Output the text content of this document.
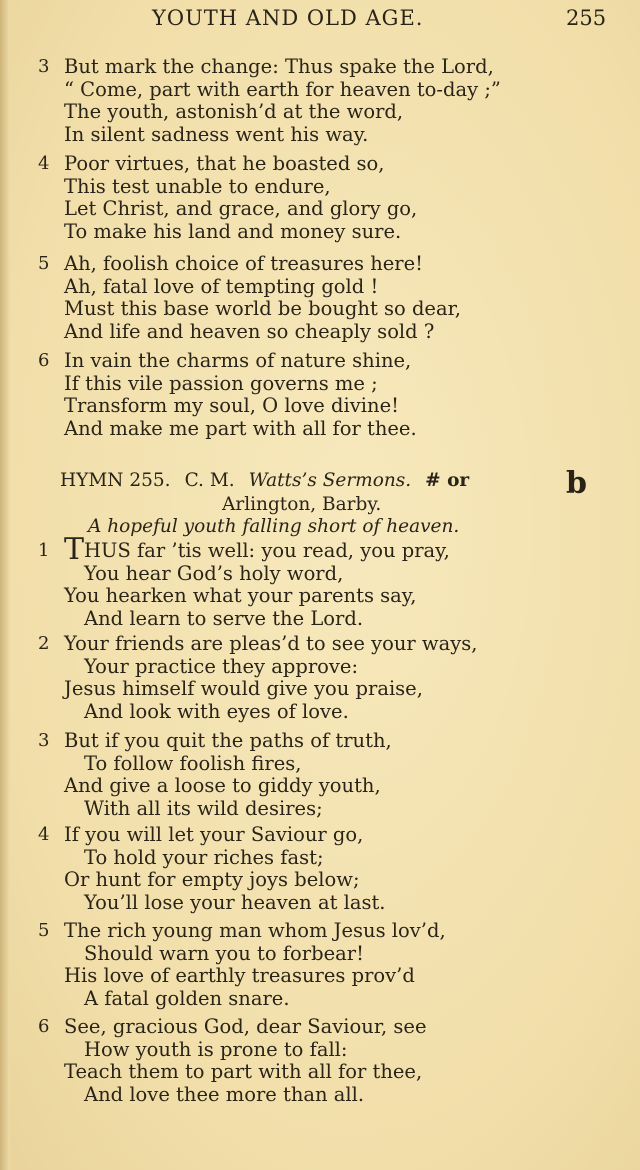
YOUTH AND OLD AGE.	255
3 But mark the change: Thus spake the Lord,
“ Come, part with earth for heaven to-day ;”
The youth, astonish’d at the word,
In silent sadness went his way.
4 Poor virtues, that he boasted so,
This test unable to endure,
Let Christ, and grace, and glory go,
To make his land and money sure.
5 Ah, foolish choice of treasures here!
Ah, fatal love of tempting gold !
Must this base world be bought so dear,
And life and heaven so cheaply sold ?
6 In vain the charms of nature shine,
If this vile passion governs me ;
Transform my soul, O love divine!
And make me part with all for thee.
HYMN 255. C. M. Watts’s Sermons. # or	b
Arlington, Barby.
A hopeful youth falling short of heaven.
1 THUS far ’tis well: you read, you pray,
You hear God’s holy word,
You hearken what your parents say,
And learn to serve the Lord.
2 Your friends are pleas’d to see your ways,
Your practice they approve:
Jesus himself would give you praise,
And look with eyes of love.
3 But if you quit the paths of truth,
To follow foolish fires,
And give a loose to giddy youth,
With all its wild desires;
4 If you will let your Saviour go,
To hold your riches fast;
Or hunt for empty joys below;
You’ll lose your heaven at last.
5 The rich young man whom Jesus lov’d,
Should warn you to forbear!
His love of earthly treasures prov’d
A fatal golden snare.
6 See, gracious God, dear Saviour, see
How youth is prone to fall:
Teach them to part with all for thee,
And love thee more than all.
